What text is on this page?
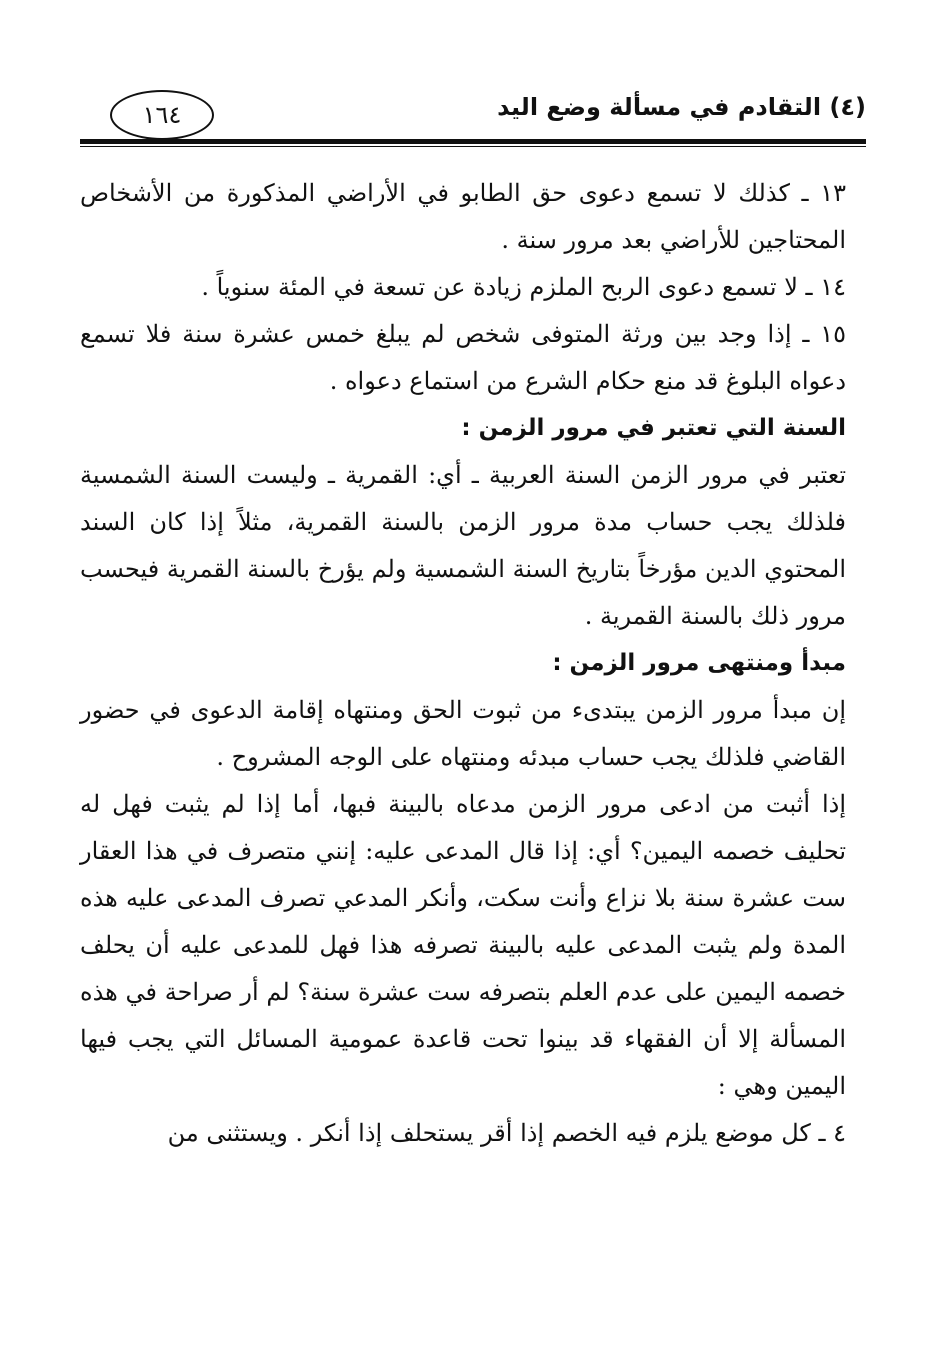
١٦٤	(٤) التقادم في مسألة وضع اليد

١٣ ـ كذلك لا تسمع دعوى حق الطابو في الأراضي المذكورة من الأشخاص المحتاجين للأراضي بعد مرور سنة .

١٤ ـ لا تسمع دعوى الربح الملزم زيادة عن تسعة في المئة سنوياً .

١٥ ـ إذا وجد بين ورثة المتوفى شخص لم يبلغ خمس عشرة سنة فلا تسمع دعواه البلوغ قد منع حكام الشرع من استماع دعواه .

السنة التي تعتبر في مرور الزمن :

تعتبر في مرور الزمن السنة العربية ـ أي: القمرية ـ وليست السنة الشمسية فلذلك يجب حساب مدة مرور الزمن بالسنة القمرية، مثلاً إذا كان السند المحتوي الدين مؤرخاً بتاريخ السنة الشمسية ولم يؤرخ بالسنة القمرية فيحسب مرور ذلك بالسنة القمرية .

مبدأ ومنتهى مرور الزمن :

إن مبدأ مرور الزمن يبتدىء من ثبوت الحق ومنتهاه إقامة الدعوى في حضور القاضي فلذلك يجب حساب مبدئه ومنتهاه على الوجه المشروح .

إذا أثبت من ادعى مرور الزمن مدعاه بالبينة فبها، أما إذا لم يثبت فهل له تحليف خصمه اليمين؟ أي: إذا قال المدعى عليه: إنني متصرف في هذا العقار ست عشرة سنة بلا نزاع وأنت سكت، وأنكر المدعي تصرف المدعى عليه هذه المدة ولم يثبت المدعى عليه بالبينة تصرفه هذا فهل للمدعى عليه أن يحلف خصمه اليمين على عدم العلم بتصرفه ست عشرة سنة؟ لم أر صراحة في هذه المسألة إلا أن الفقهاء قد بينوا تحت قاعدة عمومية المسائل التي يجب فيها اليمين وهي :

٤ ـ كل موضع يلزم فيه الخصم إذا أقر يستحلف إذا أنكر . ويستثنى من
